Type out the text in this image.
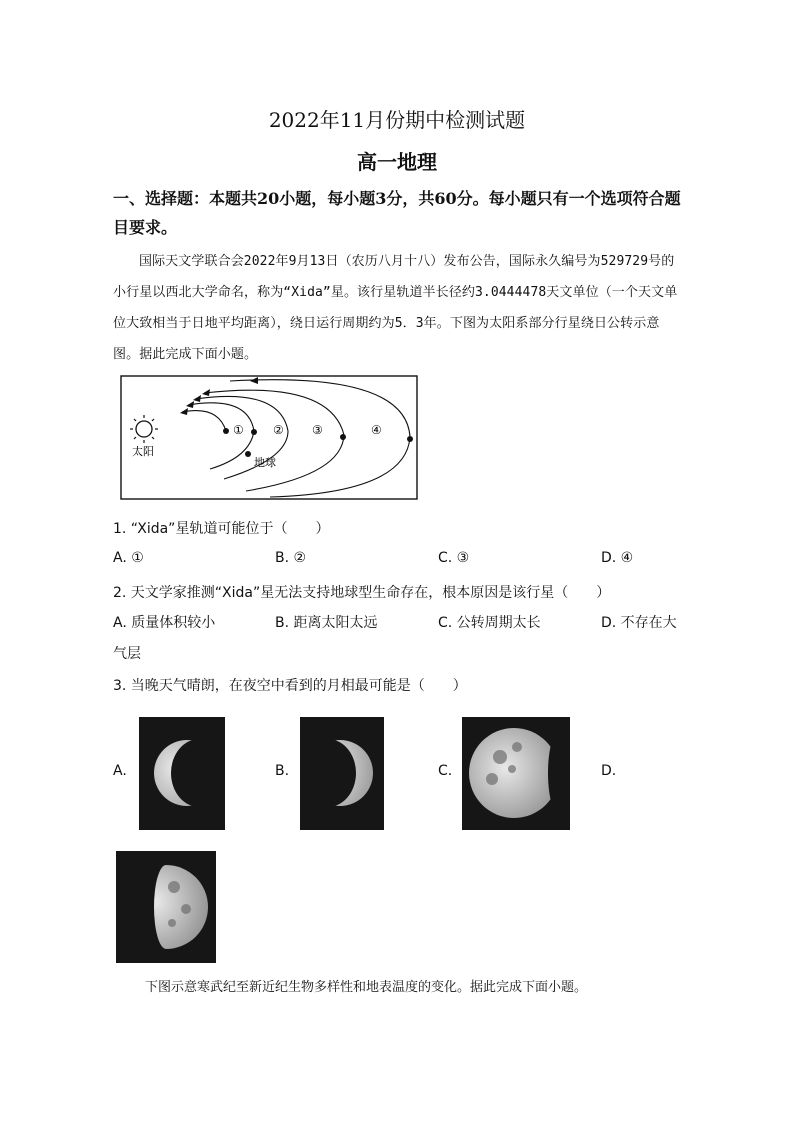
2022年11月份期中检测试题
高一地理
一、选择题：本题共20小题，每小题3分，共60分。每小题只有一个选项符合题目要求。
国际天文学联合会2022年9月13日（农历八月十八）发布公告，国际永久编号为529729号的小行星以西北大学命名，称为“Xida”星。该行星轨道半长径约3.0444478天文单位（一个天文单位大致相当于日地平均距离），绕日运行周期约为5．3年。下图为太阳系部分行星绕日公转示意图。据此完成下面小题。
太阳
地球
① ② ③	④
1. “Xida”星轨道可能位于（　　）
A. ①	B. ②	C. ③	D. ④
2. 天文学家推测“Xida”星无法支持地球型生命存在，根本原因是该行星（　　）
A. 质量体积较小	B. 距离太阳太远	C. 公转周期太长	D. 不存在大
气层
3. 当晚天气晴朗，在夜空中看到的月相最可能是（　　）
A.	B.	C.	D.
下图示意寒武纪至新近纪生物多样性和地表温度的变化。据此完成下面小题。
